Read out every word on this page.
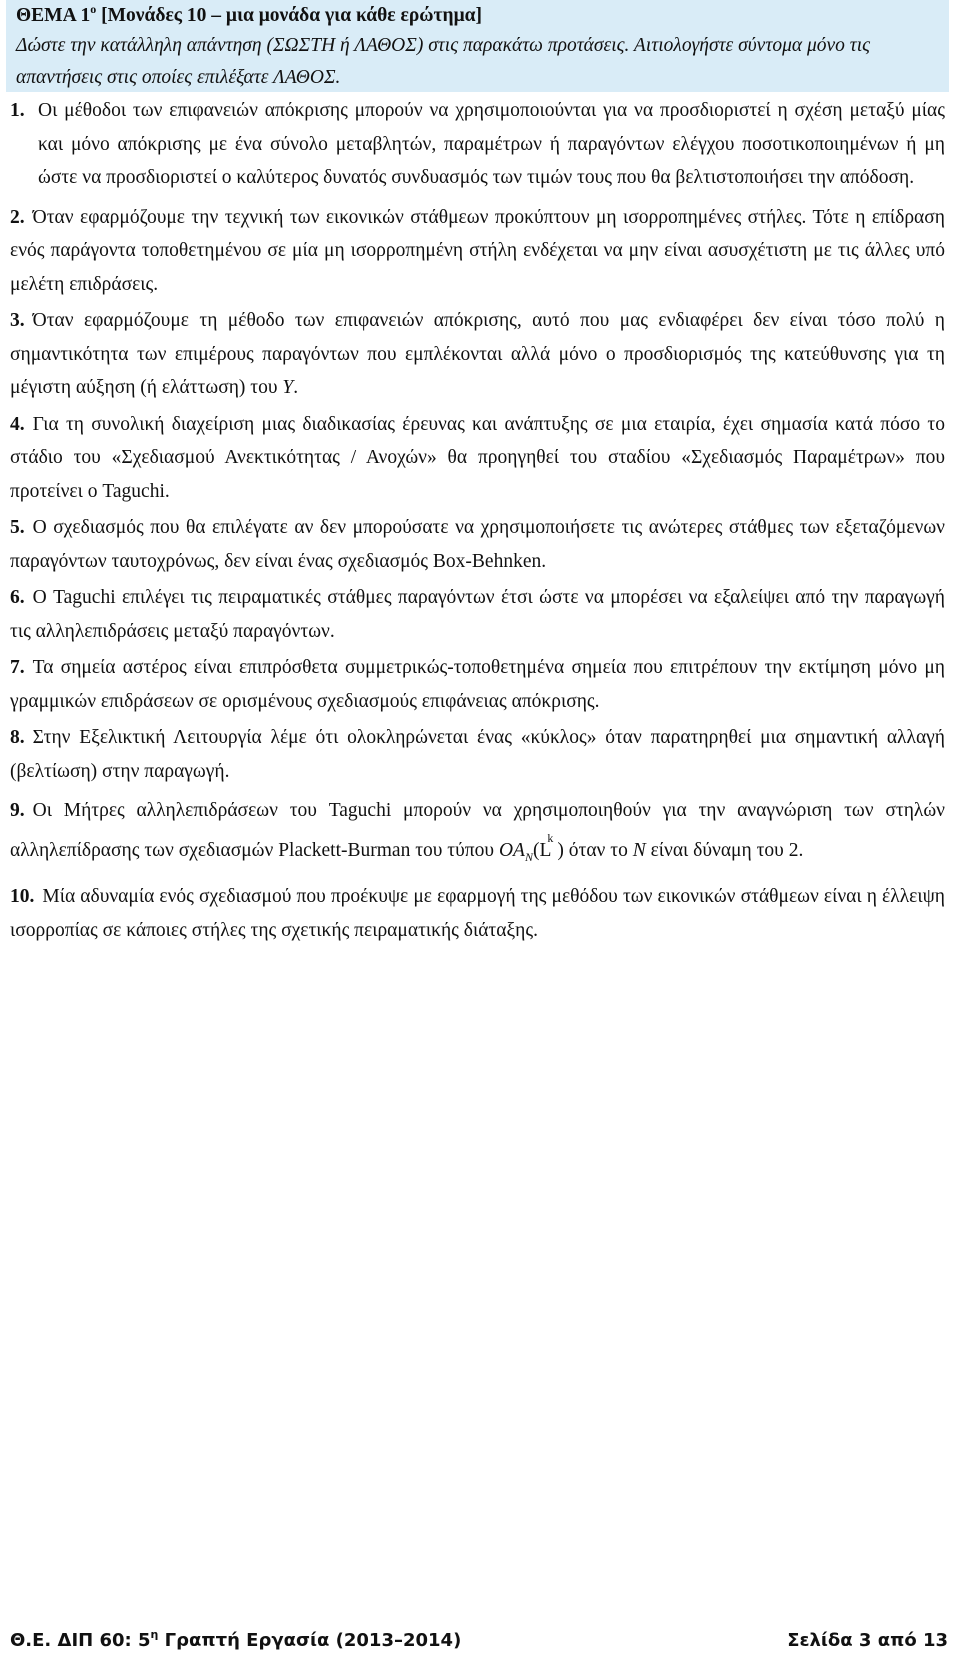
ΘΕΜΑ $1^o$ [Μονάδες 10 – μια μονάδα για κάθε ερώτημα]
Δώστε την κατάλληλη απάντηση (ΣΩΣΤΗ ή ΛΑΘΟΣ) στις παρακάτω προτάσεις. Αιτιολογήστε σύντομα μόνο τις απαντήσεις στις οποίες επιλέξατε ΛΑΘΟΣ.
1. Οι μέθοδοι των επιφανειών απόκρισης μπορούν να χρησιμοποιούνται για να προσδιοριστεί η σχέση μεταξύ μίας και μόνο απόκρισης με ένα σύνολο μεταβλητών, παραμέτρων ή παραγόντων ελέγχου ποσοτικοποιημένων ή μη ώστε να προσδιοριστεί ο καλύτερος δυνατός συνδυασμός των τιμών τους που θα βελτιστοποιήσει την απόδοση.
2. Όταν εφαρμόζουμε την τεχνική των εικονικών στάθμεων προκύπτουν μη ισορροπημένες στήλες. Τότε η επίδραση ενός παράγοντα τοποθετημένου σε μία μη ισορροπημένη στήλη ενδέχεται να μην είναι ασυσχέτιστη με τις άλλες υπό μελέτη επιδράσεις.
3. Όταν εφαρμόζουμε τη μέθοδο των επιφανειών απόκρισης, αυτό που μας ενδιαφέρει δεν είναι τόσο πολύ η σημαντικότητα των επιμέρους παραγόντων που εμπλέκονται αλλά μόνο ο προσδιορισμός της κατεύθυνσης για τη μέγιστη αύξηση (ή ελάττωση) του Y.
4. Για τη συνολική διαχείριση μιας διαδικασίας έρευνας και ανάπτυξης σε μια εταιρία, έχει σημασία κατά πόσο το στάδιο του «Σχεδιασμού Ανεκτικότητας / Ανοχών» θα προηγηθεί του σταδίου «Σχεδιασμός Παραμέτρων» που προτείνει ο Taguchi.
5. Ο σχεδιασμός που θα επιλέγατε αν δεν μπορούσατε να χρησιμοποιήσετε τις ανώτερες στάθμες των εξεταζόμενων παραγόντων ταυτοχρόνως, δεν είναι ένας σχεδιασμός Box-Behnken.
6. Ο Taguchi επιλέγει τις πειραματικές στάθμες παραγόντων έτσι ώστε να μπορέσει να εξαλείψει από την παραγωγή τις αλληλεπιδράσεις μεταξύ παραγόντων.
7. Τα σημεία αστέρος είναι επιπρόσθετα συμμετρικώς-τοποθετημένα σημεία που επιτρέπουν την εκτίμηση μόνο μη γραμμικών επιδράσεων σε ορισμένους σχεδιασμούς επιφάνειας απόκρισης.
8. Στην Εξελικτική Λειτουργία λέμε ότι ολοκληρώνεται ένας «κύκλος» όταν παρατηρηθεί μια σημαντική αλλαγή (βελτίωση) στην παραγωγή.
9. Οι Μήτρες αλληλεπιδράσεων του Taguchi μπορούν να χρησιμοποιηθούν για την αναγνώριση των στηλών αλληλεπίδρασης των σχεδιασμών Plackett-Burman του τύπου $OA_N(L^k)$ όταν το N είναι δύναμη του 2.
10. Μία αδυναμία ενός σχεδιασμού που προέκυψε με εφαρμογή της μεθόδου των εικονικών στάθμεων είναι η έλλειψη ισορροπίας σε κάποιες στήλες της σχετικής πειραματικής διάταξης.
Θ.Ε. ΔΙΠ 60: $5^\eta$ Γραπτή Εργασία (2013–2014)	Σελίδα 3 από 13
